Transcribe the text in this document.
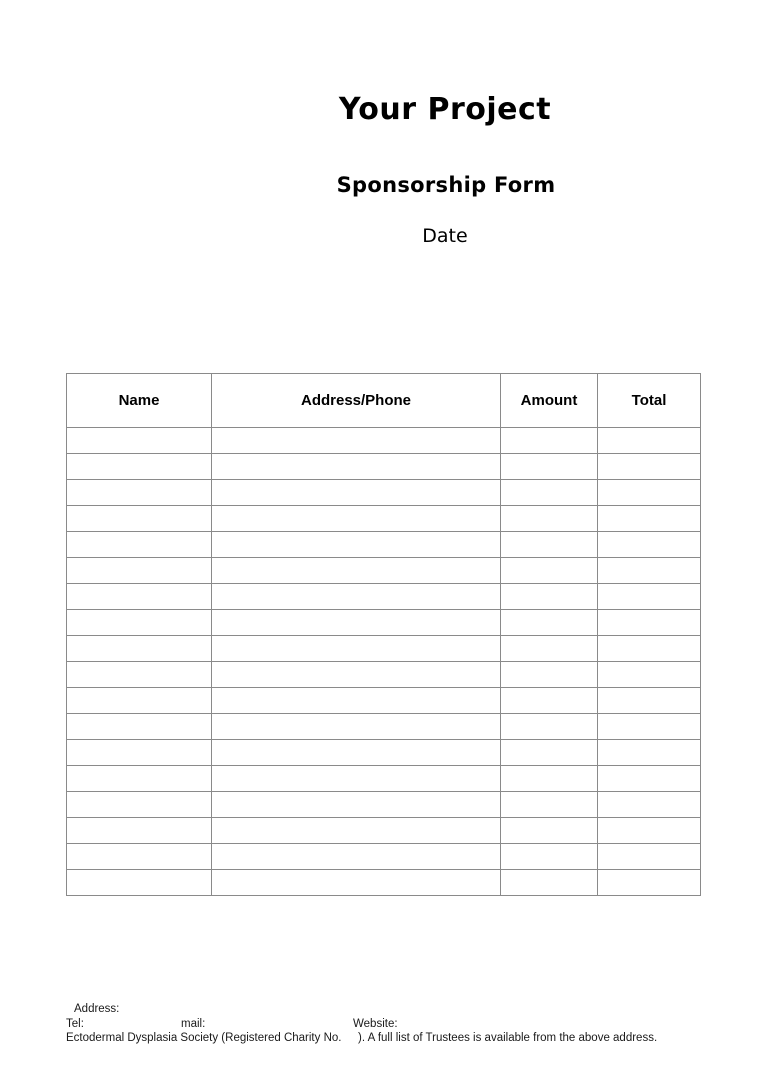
Your Project
Sponsorship Form
Date
Name	Address/Phone	Amount	Total

Address:
Tel:	mail:	Website:
Ectodermal Dysplasia Society (Registered Charity No. ). A full list of Trustees is available from the above address.
